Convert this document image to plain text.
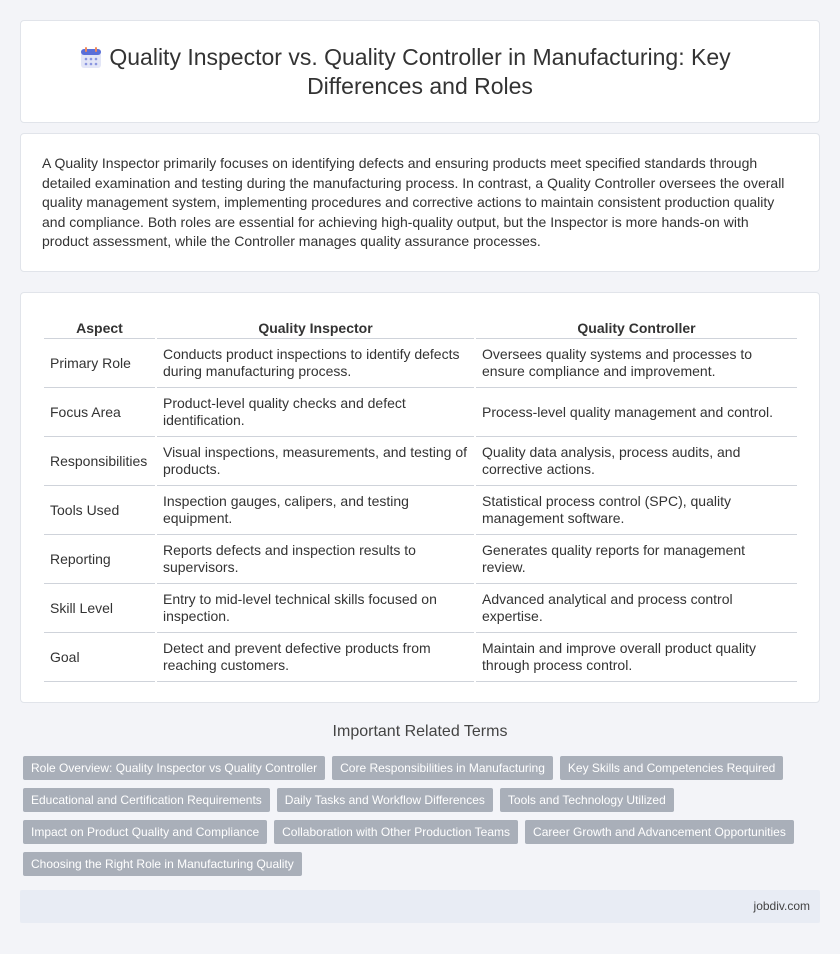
Quality Inspector vs. Quality Controller in Manufacturing: Key Differences and Roles

A Quality Inspector primarily focuses on identifying defects and ensuring products meet specified standards through detailed examination and testing during the manufacturing process. In contrast, a Quality Controller oversees the overall quality management system, implementing procedures and corrective actions to maintain consistent production quality and compliance. Both roles are essential for achieving high-quality output, but the Inspector is more hands-on with product assessment, while the Controller manages quality assurance processes.

Aspect	Quality Inspector	Quality Controller
Primary Role	Conducts product inspections to identify defects during manufacturing process.	Oversees quality systems and processes to ensure compliance and improvement.
Focus Area	Product-level quality checks and defect identification.	Process-level quality management and control.
Responsibilities	Visual inspections, measurements, and testing of products.	Quality data analysis, process audits, and corrective actions.
Tools Used	Inspection gauges, calipers, and testing equipment.	Statistical process control (SPC), quality management software.
Reporting	Reports defects and inspection results to supervisors.	Generates quality reports for management review.
Skill Level	Entry to mid-level technical skills focused on inspection.	Advanced analytical and process control expertise.
Goal	Detect and prevent defective products from reaching customers.	Maintain and improve overall product quality through process control.
Important Related Terms
Role Overview: Quality Inspector vs Quality Controller	Core Responsibilities in Manufacturing	Key Skills and Competencies Required
Educational and Certification Requirements	Daily Tasks and Workflow Differences	Tools and Technology Utilized
Impact on Product Quality and Compliance	Collaboration with Other Production Teams	Career Growth and Advancement Opportunities
Choosing the Right Role in Manufacturing Quality
jobdiv.com
